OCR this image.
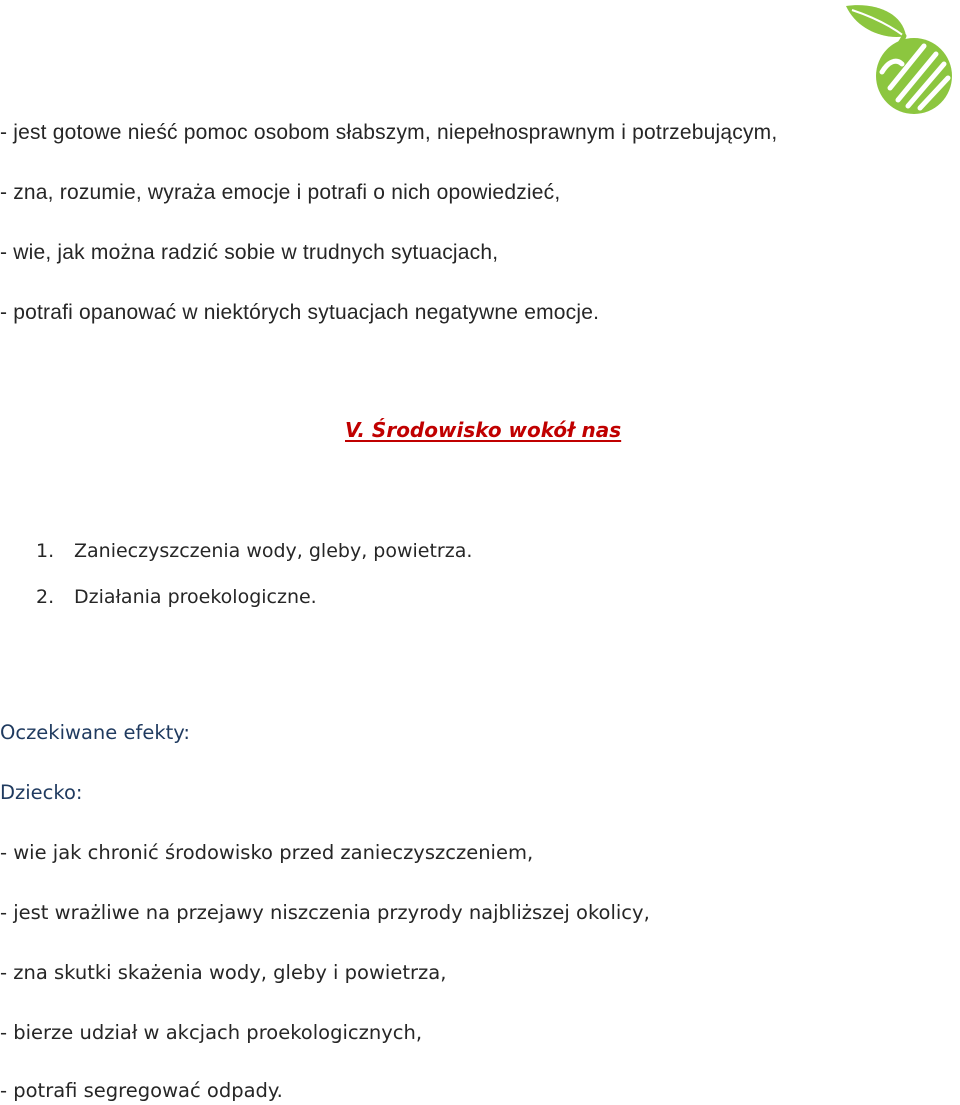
- jest gotowe nieść pomoc osobom słabszym, niepełnosprawnym i potrzebującym,
- zna, rozumie, wyraża emocje i potrafi o nich opowiedzieć,
- wie, jak można radzić sobie w trudnych sytuacjach,
- potrafi opanować w niektórych sytuacjach negatywne emocje.
V. Środowisko wokół nas
1. Zanieczyszczenia wody, gleby, powietrza.
2. Działania proekologiczne.
Oczekiwane efekty:
Dziecko:
- wie jak chronić środowisko przed zanieczyszczeniem,
- jest wrażliwe na przejawy niszczenia przyrody najbliższej okolicy,
- zna skutki skażenia wody, gleby i powietrza,
- bierze udział w akcjach proekologicznych,
- potrafi segregować odpady.
